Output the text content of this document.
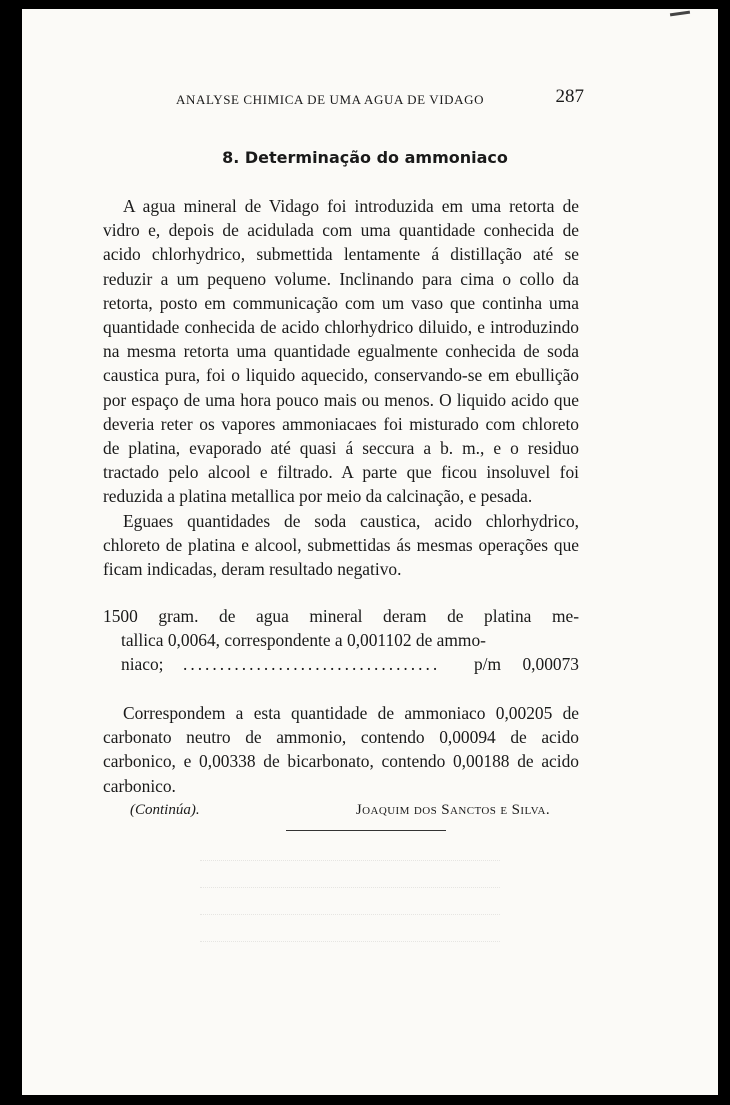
ANALYSE CHIMICA DE UMA AGUA DE VIDAGO	287
8. Determinação do ammoniaco

A agua mineral de Vidago foi introduzida em uma retorta de vidro e, depois de acidulada com uma quantidade conhecida de acido chlorhydrico, submettida lentamente á distillação até se reduzir a um pequeno volume. Inclinando para cima o collo da retorta, posto em communicação com um vaso que continha uma quantidade conhecida de acido chlorhydrico diluido, e introduzindo na mesma retorta uma quantidade egualmente conhecida de soda caustica pura, foi o liquido aquecido, conservando-se em ebullição por espaço de uma hora pouco mais ou menos. O liquido acido que deveria reter os vapores ammoniacaes foi misturado com chloreto de platina, evaporado até quasi á seccura a b. m., e o residuo tractado pelo alcool e filtrado. A parte que ficou insoluvel foi reduzida a platina metallica por meio da calcinação, e pesada.

Eguaes quantidades de soda caustica, acido chlorhydrico, chloreto de platina e alcool, submettidas ás mesmas operações que ficam indicadas, deram resultado negativo.

1500 gram. de agua mineral deram de platina me-
tallica 0,0064, correspondente a 0,001102 de ammo-
niaco; ...................................	p/m 0,00073

Correspondem a esta quantidade de ammoniaco 0,00205 de carbonato neutro de ammonio, contendo 0,00094 de acido carbonico, e 0,00338 de bicarbonato, contendo 0,00188 de acido carbonico.

(Continúa).	Joaquim dos Sanctos e Silva.
